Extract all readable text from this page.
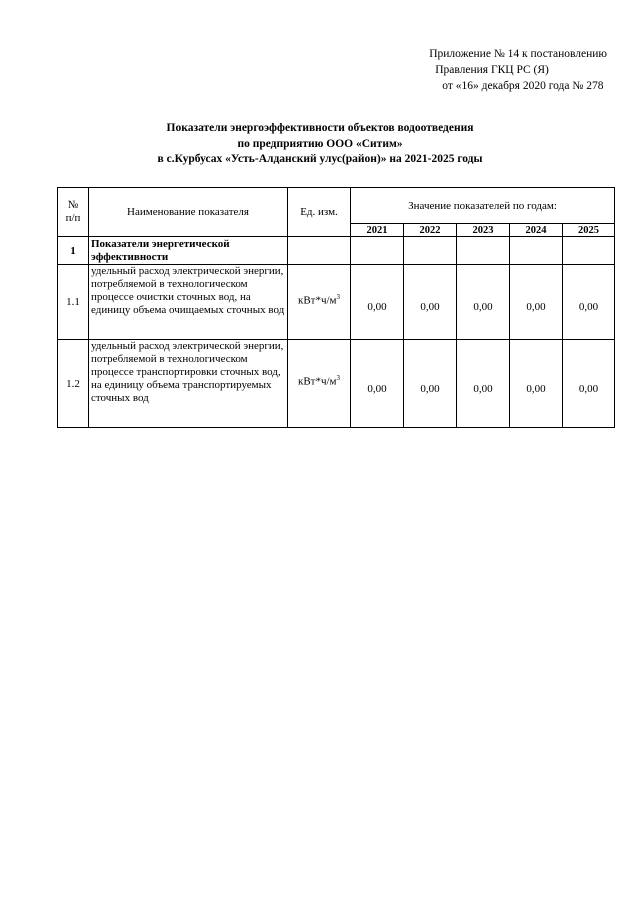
Приложение № 14 к постановлению
Правления ГКЦ РС (Я)
от «16» декабря 2020 года № 278
Показатели энергоэффективности объектов водоотведения
по предприятию ООО «Ситим»
в с.Курбусах «Усть-Алданский улус(район)» на 2021-2025 годы
№
п/п	Наименование показателя	Ед. изм.	Значение показателей по годам:				
			2021	2022	2023	2024	2025
1	Показатели энергетической эффективности						
1.1	удельный расход электрической энергии, потребляемой в технологическом процессе очистки сточных вод, на единицу объема очищаемых сточных вод	$кВт*ч/м^3$	0,00	0,00	0,00	0,00	0,00
1.2	удельный расход электрической энергии, потребляемой в технологическом процессе транспортировки сточных вод, на единицу объема транспортируемых сточных вод	$кВт*ч/м^3$	0,00	0,00	0,00	0,00	0,00
